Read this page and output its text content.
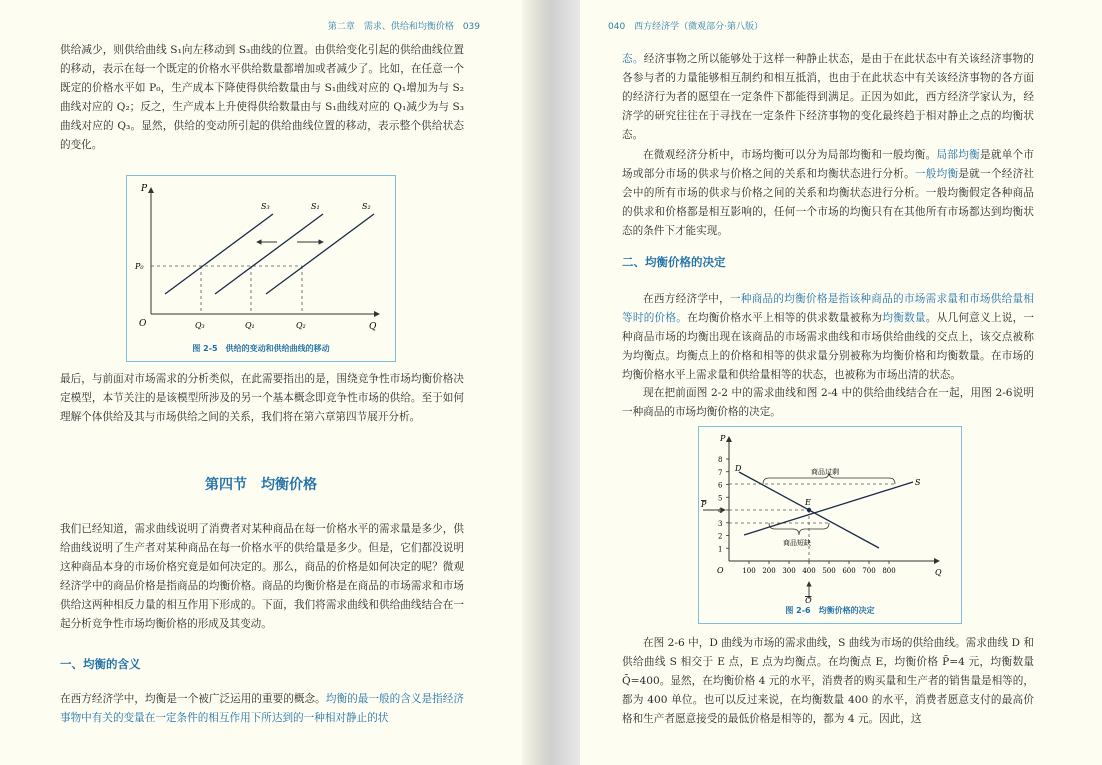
第二章　需求、供给和均衡价格　039

供给减少，则供给曲线 S₁向左移动到 S₃曲线的位置。由供给变化引起的供给曲线位置的移动，表示在每一个既定的价格水平供给数量都增加或者减少了。比如，在任意一个既定的价格水平如 P₀，生产成本下降使得供给数量由与 S₁曲线对应的 Q₁增加为与 S₂曲线对应的 Q₂；反之，生产成本上升使得供给数量由与 S₁曲线对应的 Q₁减少为与 S₃曲线对应的 Q₃。显然，供给的变动所引起的供给曲线位置的移动，表示整个供给状态的变化。

P
Q
O
P₀
S₃	S₁	S₂
Q₃	Q₁	Q₂
图 2-5　供给的变动和供给曲线的移动

最后，与前面对市场需求的分析类似，在此需要指出的是，围绕竞争性市场均衡价格决定模型，本节关注的是该模型所涉及的另一个基本概念即竞争性市场的供给。至于如何理解个体供给及其与市场供给之间的关系，我们将在第六章第四节展开分析。

第四节　均衡价格

我们已经知道，需求曲线说明了消费者对某种商品在每一价格水平的需求量是多少，供给曲线说明了生产者对某种商品在每一价格水平的供给量是多少。但是，它们都没说明这种商品本身的市场价格究竟是如何决定的。那么，商品的价格是如何决定的呢？微观经济学中的商品价格是指商品的均衡价格。商品的均衡价格是在商品的市场需求和市场供给这两种相反力量的相互作用下形成的。下面，我们将需求曲线和供给曲线结合在一起分析竞争性市场均衡价格的形成及其变动。

一、均衡的含义

在西方经济学中，均衡是一个被广泛运用的重要的概念。均衡的最一般的含义是指经济事物中有关的变量在一定条件的相互作用下所达到的一种相对静止的状

040　西方经济学（微观部分·第八版）

态。经济事物之所以能够处于这样一种静止状态，是由于在此状态中有关该经济事物的各参与者的力量能够相互制约和相互抵消，也由于在此状态中有关该经济事物的各方面的经济行为者的愿望在一定条件下都能得到满足。正因为如此，西方经济学家认为，经济学的研究往往在于寻找在一定条件下经济事物的变化最终趋于相对静止之点的均衡状态。

在微观经济分析中，市场均衡可以分为局部均衡和一般均衡。局部均衡是就单个市场或部分市场的供求与价格之间的关系和均衡状态进行分析。一般均衡是就一个经济社会中的所有市场的供求与价格之间的关系和均衡状态进行分析。一般均衡假定各种商品的供求和价格都是相互影响的，任何一个市场的均衡只有在其他所有市场都达到均衡状态的条件下才能实现。

二、均衡价格的决定

在西方经济学中，一种商品的均衡价格是指该种商品的市场需求量和市场供给量相等时的价格。在均衡价格水平上相等的供求数量被称为均衡数量。从几何意义上说，一种商品市场的均衡出现在该商品的市场需求曲线和市场供给曲线的交点上，该交点被称为均衡点。均衡点上的价格和相等的供求量分别被称为均衡价格和均衡数量。在市场的均衡价格水平上需求量和供给量相等的状态，也被称为市场出清的状态。

现在把前面图 2-2 中的需求曲线和图 2-4 中的供给曲线结合在一起，用图 2-6说明一种商品的市场均衡价格的决定。

1
2
3
4
5
6
7
8
100 200 300 400 500 600 700 800
P
Q
O
D
S
E
商品过剩
商品短缺
P
Q
图 2-6　均衡价格的决定

在图 2-6 中，D 曲线为市场的需求曲线，S 曲线为市场的供给曲线。需求曲线 D 和供给曲线 S 相交于 E 点，E 点为均衡点。在均衡点 E，均衡价格 P̄=4 元，均衡数量 Q̄=400。显然，在均衡价格 4 元的水平，消费者的购买量和生产者的销售量是相等的，都为 400 单位。也可以反过来说，在均衡数量 400 的水平，消费者愿意支付的最高价格和生产者愿意接受的最低价格是相等的，都为 4 元。因此，这
